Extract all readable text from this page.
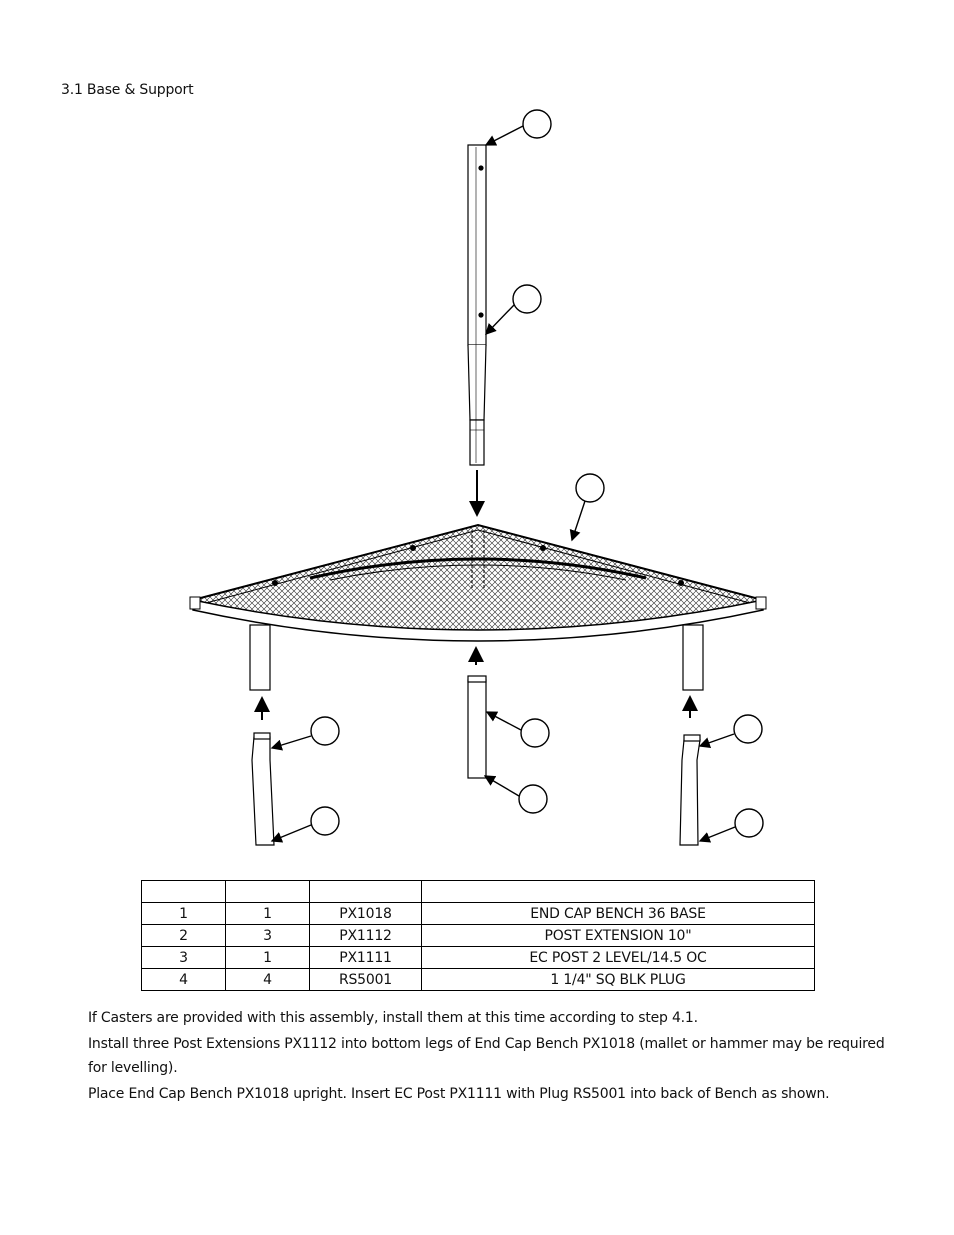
3.1 Base & Support

1	1	PX1018	END CAP BENCH 36 BASE
2	3	PX1112	POST EXTENSION 10"
3	1	PX1111	EC POST 2 LEVEL/14.5 OC
4	4	RS5001	1 1/4" SQ BLK PLUG

If Casters are provided with this assembly, install them at this time according to step 4.1.

Install three Post Extensions PX1112 into bottom legs of End Cap Bench PX1018 (mallet or hammer may be required for levelling).

Place End Cap Bench PX1018 upright. Insert EC Post PX1111 with Plug RS5001 into back of Bench as shown.
